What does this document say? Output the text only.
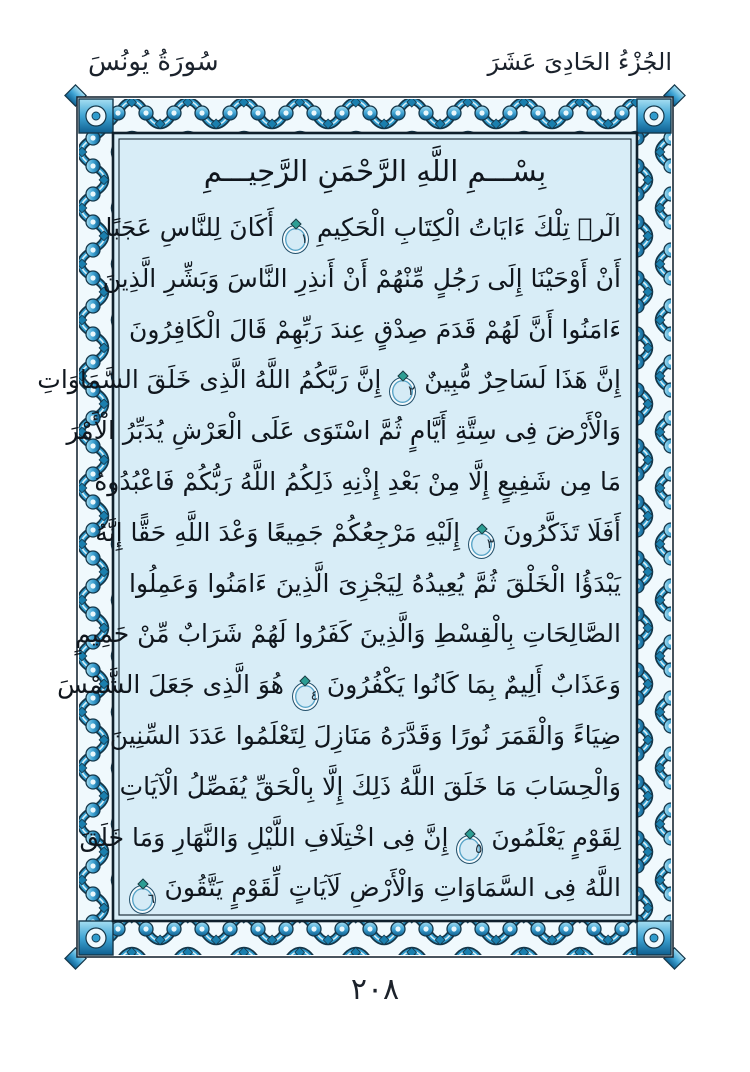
الجُزْءُ الحَادِىَ عَشَرَ
سُورَةُ يُونُسَ
بِسْـــمِ اللَّهِ الرَّحْمَنِ الرَّحِيـــمِ
الٓرۚ تِلْكَ ءَايَاتُ الْكِتَابِ الْحَكِيمِ
١
أَكَانَ لِلنَّاسِ عَجَبًا
أَنْ أَوْحَيْنَا إِلَى رَجُلٍ مِّنْهُمْ أَنْ أَنذِرِ النَّاسَ وَبَشِّرِ الَّذِينَ
ءَامَنُوا أَنَّ لَهُمْ قَدَمَ صِدْقٍ عِندَ رَبِّهِمْ قَالَ الْكَافِرُونَ
إِنَّ هَذَا لَسَاحِرٌ مُّبِينٌ
٢
إِنَّ رَبَّكُمُ اللَّهُ الَّذِى خَلَقَ السَّمَاوَاتِ
وَالْأَرْضَ فِى سِتَّةِ أَيَّامٍ ثُمَّ اسْتَوَى عَلَى الْعَرْشِ يُدَبِّرُ الْأَمْرَ
مَا مِن شَفِيعٍ إِلَّا مِنْ بَعْدِ إِذْنِهِ ذَلِكُمُ اللَّهُ رَبُّكُمْ فَاعْبُدُوهُ
أَفَلَا تَذَكَّرُونَ
٣
إِلَيْهِ مَرْجِعُكُمْ جَمِيعًا وَعْدَ اللَّهِ حَقًّا إِنَّهُ
يَبْدَؤُا الْخَلْقَ ثُمَّ يُعِيدُهُ لِيَجْزِىَ الَّذِينَ ءَامَنُوا وَعَمِلُوا
الصَّالِحَاتِ بِالْقِسْطِ وَالَّذِينَ كَفَرُوا لَهُمْ شَرَابٌ مِّنْ حَمِيمٍ
وَعَذَابٌ أَلِيمٌ بِمَا كَانُوا يَكْفُرُونَ
٤
هُوَ الَّذِى جَعَلَ الشَّمْسَ
ضِيَاءً وَالْقَمَرَ نُورًا وَقَدَّرَهُ مَنَازِلَ لِتَعْلَمُوا عَدَدَ السِّنِينَ
وَالْحِسَابَ مَا خَلَقَ اللَّهُ ذَلِكَ إِلَّا بِالْحَقِّ يُفَصِّلُ الْآيَاتِ
لِقَوْمٍ يَعْلَمُونَ
٥
إِنَّ فِى اخْتِلَافِ اللَّيْلِ وَالنَّهَارِ وَمَا خَلَقَ
اللَّهُ فِى السَّمَاوَاتِ وَالْأَرْضِ لَآيَاتٍ لِّقَوْمٍ يَتَّقُونَ
٦
٢٠٨
